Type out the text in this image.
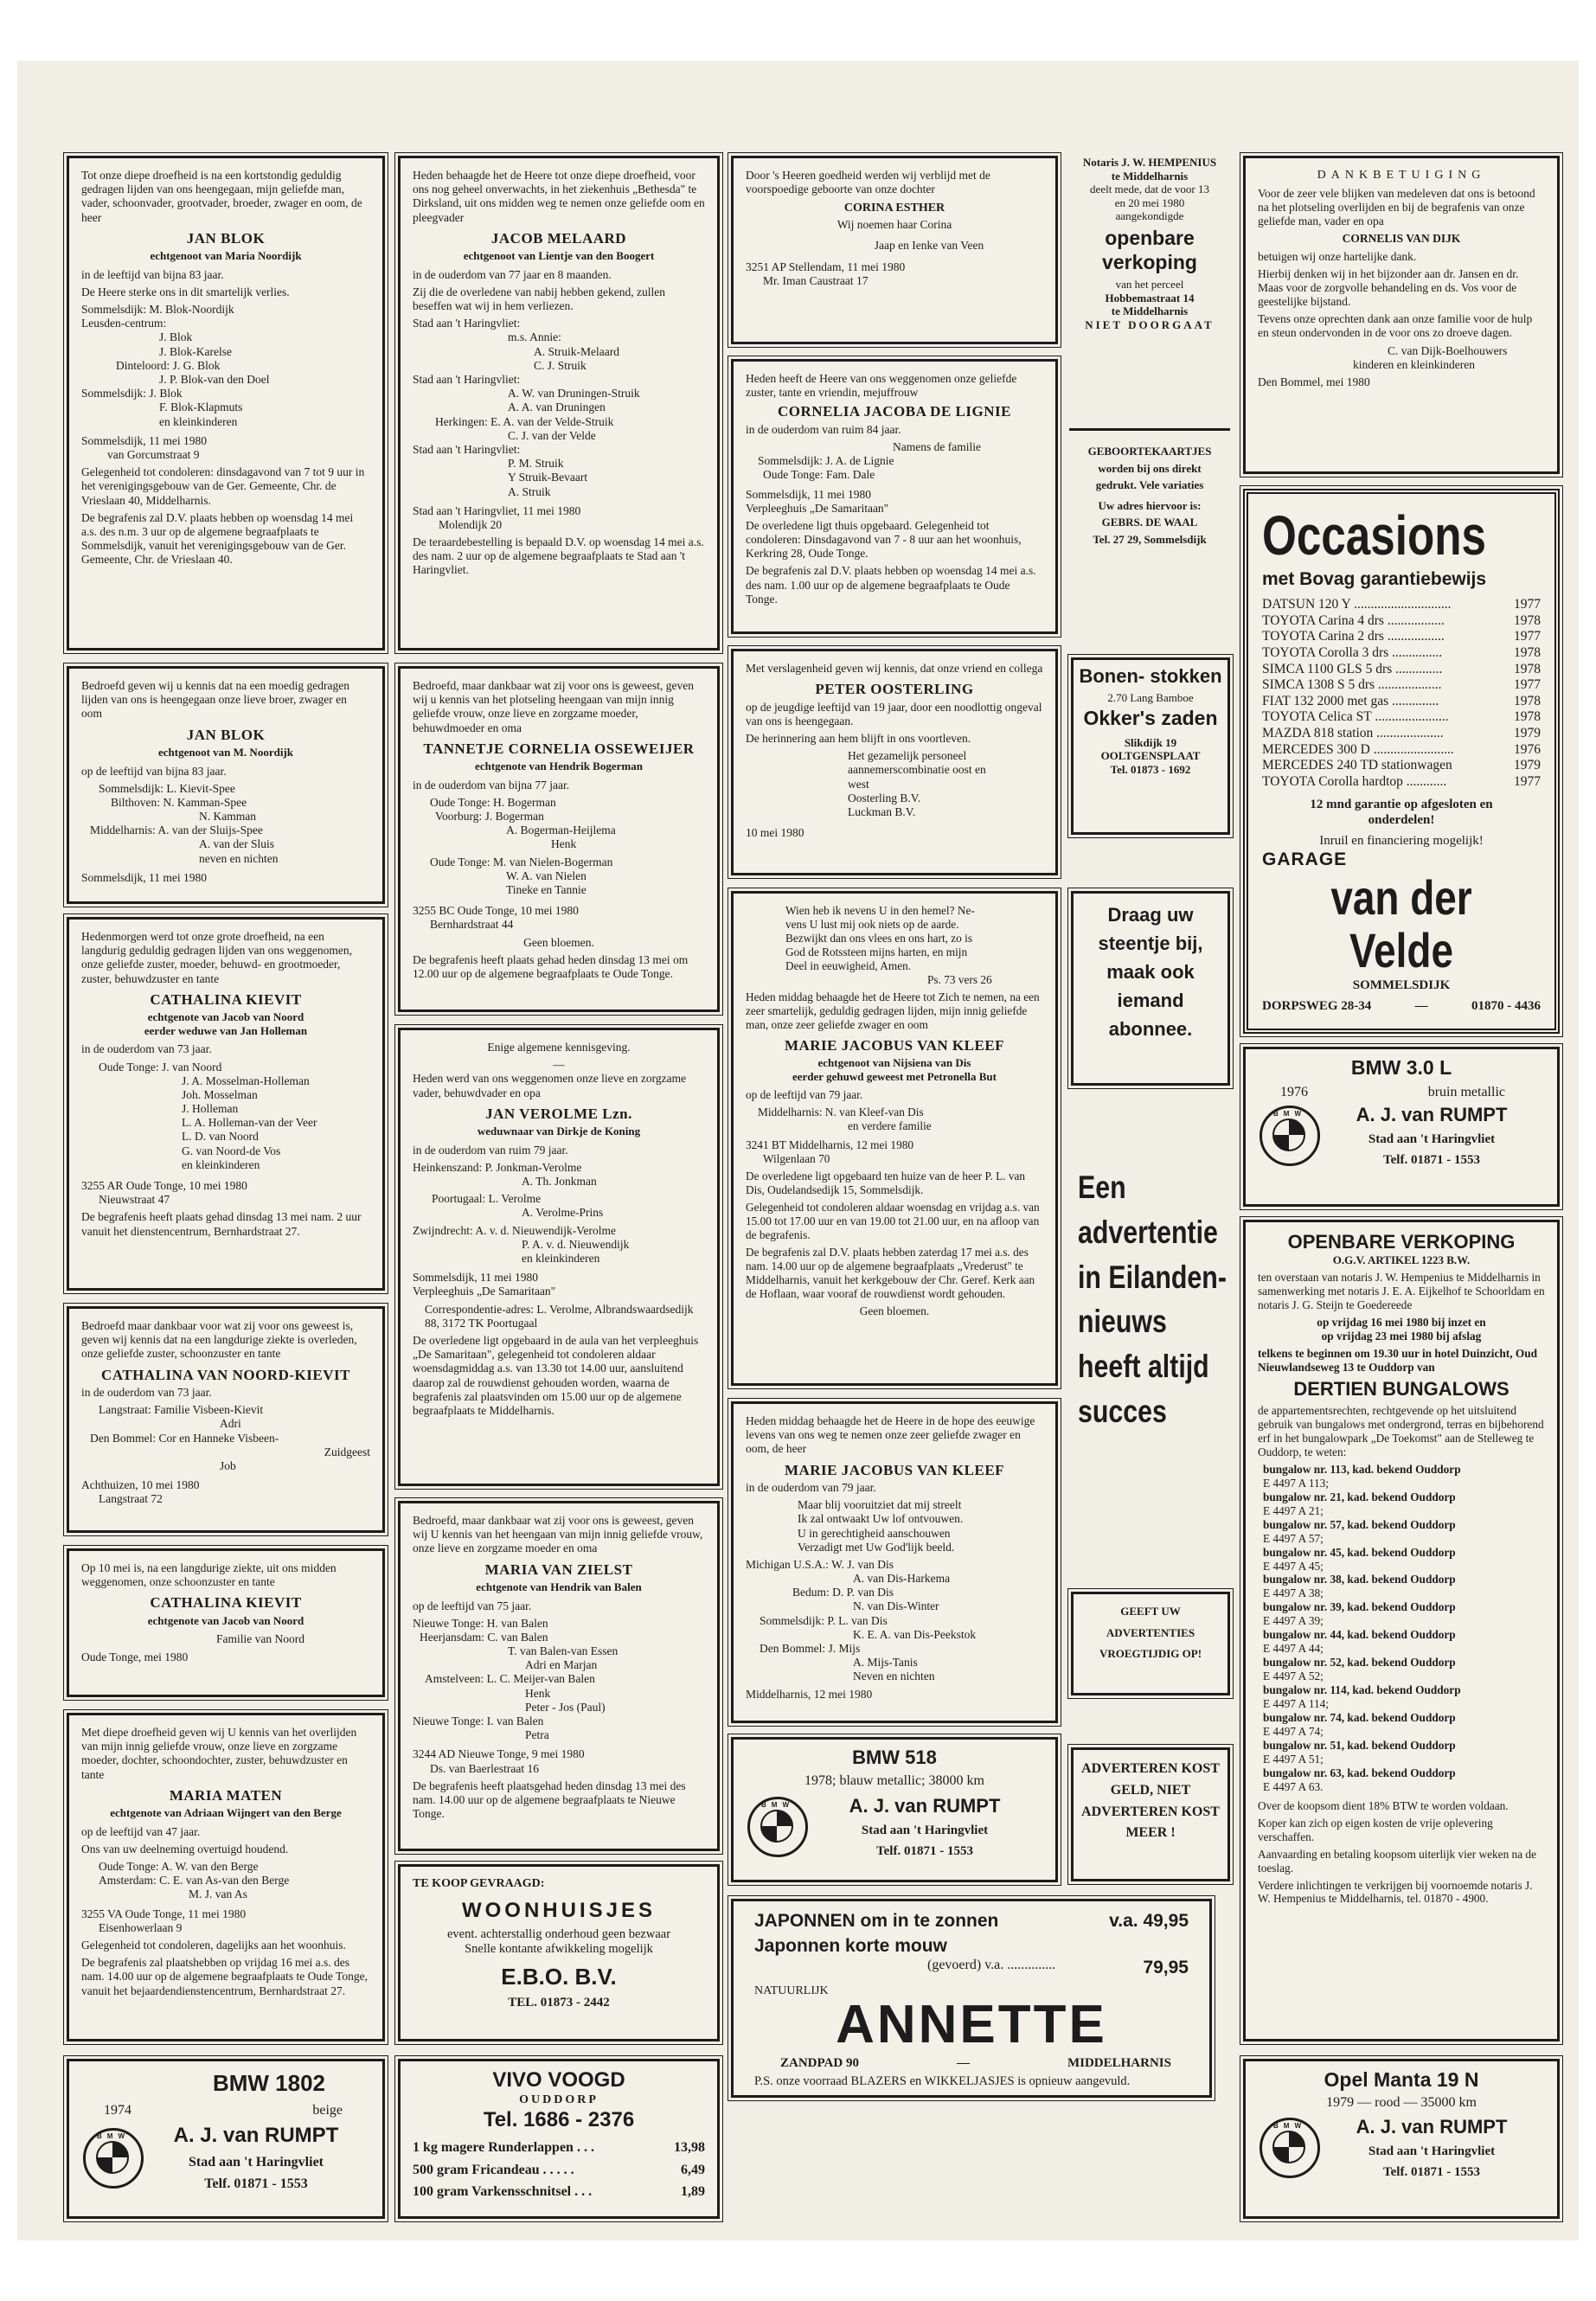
Tot onze diepe droefheid is na een kortstondig geduldig gedragen lijden van ons heengegaan, mijn geliefde man, vader, schoonvader, grootvader, broeder, zwager en oom, de heer

JAN BLOK
echtgenoot van Maria Noordijk

in de leeftijd van bijna 83 jaar.

De Heere sterke ons in dit smartelijk verlies.

Sommelsdijk: M. Blok-Noordijk

Leusden-centrum:

J. Blok

J. Blok-Karelse

Dinteloord: J. G. Blok

J. P. Blok-van den Doel

Sommelsdijk: J. Blok

F. Blok-Klapmuts

en kleinkinderen

Sommelsdijk, 11 mei 1980

van Gorcumstraat 9

Gelegenheid tot condoleren: dinsdagavond van 7 tot 9 uur in het verenigingsgebouw van de Ger. Gemeente, Chr. de Vrieslaan 40, Middelharnis.

De begrafenis zal D.V. plaats hebben op woensdag 14 mei a.s. des n.m. 3 uur op de algemene begraafplaats te Sommelsdijk, vanuit het verenigingsgebouw van de Ger. Gemeente, Chr. de Vrieslaan 40.

Bedroefd geven wij u kennis dat na een moedig gedragen lijden van ons is heengegaan onze lieve broer, zwager en oom

JAN BLOK
echtgenoot van M. Noordijk

op de leeftijd van bijna 83 jaar.

Sommelsdijk: L. Kievit-Spee

Bilthoven: N. Kamman-Spee

N. Kamman

Middelharnis: A. van der Sluijs-Spee

A. van der Sluis

neven en nichten

Sommelsdijk, 11 mei 1980

Hedenmorgen werd tot onze grote droefheid, na een langdurig geduldig gedragen lijden van ons weggenomen, onze geliefde zuster, moeder, behuwd- en grootmoeder, zuster, behuwdzuster en tante

CATHALINA KIEVIT
echtgenote van Jacob van Noord
eerder weduwe van Jan Holleman

in de ouderdom van 73 jaar.

Oude Tonge: J. van Noord

J. A. Mosselman-Holleman

Joh. Mosselman

J. Holleman

L. A. Holleman-van der Veer

L. D. van Noord

G. van Noord-de Vos

en kleinkinderen

3255 AR Oude Tonge, 10 mei 1980

Nieuwstraat 47

De begrafenis heeft plaats gehad dinsdag 13 mei nam. 2 uur vanuit het dienstencentrum, Bernhardstraat 27.

Bedroefd maar dankbaar voor wat zij voor ons geweest is, geven wij kennis dat na een langdurige ziekte is overleden, onze geliefde zuster, schoonzuster en tante

CATHALINA VAN NOORD-KIEVIT

in de ouderdom van 73 jaar.

Langstraat: Familie Visbeen-Kievit

Adri

Den Bommel: Cor en Hanneke Visbeen-

Zuidgeest

Job

Achthuizen, 10 mei 1980

Langstraat 72

Op 10 mei is, na een langdurige ziekte, uit ons midden weggenomen, onze schoonzuster en tante

CATHALINA KIEVIT
echtgenote van Jacob van Noord

Familie van Noord

Oude Tonge, mei 1980

Met diepe droefheid geven wij U kennis van het overlijden van mijn innig geliefde vrouw, onze lieve en zorgzame moeder, dochter, schoondochter, zuster, behuwdzuster en tante

MARIA MATEN
echtgenote van Adriaan Wijngert van den Berge

op de leeftijd van 47 jaar.

Ons van uw deelneming overtuigd houdend.

Oude Tonge: A. W. van den Berge

Amsterdam: C. E. van As-van den Berge

M. J. van As

3255 VA Oude Tonge, 11 mei 1980

Eisenhowerlaan 9

Gelegenheid tot condoleren, dagelijks aan het woonhuis.

De begrafenis zal plaatshebben op vrijdag 16 mei a.s. des nam. 14.00 uur op de algemene begraafplaats te Oude Tonge, vanuit het bejaardendienstencentrum, Bernhardstraat 27.

BMW 1802
1974	beige
BMW	A. J. van RUMPT
Stad aan 't Haringvliet
Telf. 01871 - 1553

Heden behaagde het de Heere tot onze diepe droefheid, voor ons nog geheel onverwachts, in het ziekenhuis „Bethesda" te Dirksland, uit ons midden weg te nemen onze geliefde oom en pleegvader

JACOB MELAARD
echtgenoot van Lientje van den Boogert

in de ouderdom van 77 jaar en 8 maanden.

Zij die de overledene van nabij hebben gekend, zullen beseffen wat wij in hem verliezen.

Stad aan 't Haringvliet:

m.s. Annie:

A. Struik-Melaard

C. J. Struik

Stad aan 't Haringvliet:

A. W. van Druningen-Struik

A. A. van Druningen

Herkingen: E. A. van der Velde-Struik

C. J. van der Velde

Stad aan 't Haringvliet:

P. M. Struik

Y Struik-Bevaart

A. Struik

Stad aan 't Haringvliet, 11 mei 1980

Molendijk 20

De teraardebestelling is bepaald D.V. op woensdag 14 mei a.s. des nam. 2 uur op de algemene begraafplaats te Stad aan 't Haringvliet.

Bedroefd, maar dankbaar wat zij voor ons is geweest, geven wij u kennis van het plotseling heengaan van mijn innig geliefde vrouw, onze lieve en zorgzame moeder, behuwdmoeder en oma

TANNETJE CORNELIA OSSEWEIJER
echtgenote van Hendrik Bogerman

in de ouderdom van bijna 77 jaar.

Oude Tonge: H. Bogerman

Voorburg: J. Bogerman

A. Bogerman-Heijlema

Henk

Oude Tonge: M. van Nielen-Bogerman

W. A. van Nielen

Tineke en Tannie

3255 BC Oude Tonge, 10 mei 1980

Bernhardstraat 44

Geen bloemen.

De begrafenis heeft plaats gehad heden dinsdag 13 mei om 12.00 uur op de algemene begraafplaats te Oude Tonge.

Enige algemene kennisgeving.

—

Heden werd van ons weggenomen onze lieve en zorgzame vader, behuwdvader en opa

JAN VEROLME Lzn.
weduwnaar van Dirkje de Koning

in de ouderdom van ruim 79 jaar.

Heinkenszand: P. Jonkman-Verolme

A. Th. Jonkman

Poortugaal: L. Verolme

A. Verolme-Prins

Zwijndrecht: A. v. d. Nieuwendijk-Verolme

P. A. v. d. Nieuwendijk

en kleinkinderen

Sommelsdijk, 11 mei 1980

Verpleeghuis „De Samaritaan"

Correspondentie-adres: L. Verolme, Albrandswaardsedijk 88, 3172 TK Poortugaal

De overledene ligt opgebaard in de aula van het verpleeghuis „De Samaritaan", gelegenheid tot condoleren aldaar woensdagmiddag a.s. van 13.30 tot 14.00 uur, aansluitend daarop zal de rouwdienst gehouden worden, waarna de begrafenis zal plaatsvinden om 15.00 uur op de algemene begraafplaats te Middelharnis.

Bedroefd, maar dankbaar wat zij voor ons is geweest, geven wij U kennis van het heengaan van mijn innig geliefde vrouw, onze lieve en zorgzame moeder en oma

MARIA VAN ZIELST
echtgenote van Hendrik van Balen

op de leeftijd van 75 jaar.

Nieuwe Tonge: H. van Balen

Heerjansdam: C. van Balen

T. van Balen-van Essen

Adri en Marjan

Amstelveen: L. C. Meijer-van Balen

Henk

Peter - Jos (Paul)

Nieuwe Tonge: I. van Balen

Petra

3244 AD Nieuwe Tonge, 9 mei 1980

Ds. van Baerlestraat 16

De begrafenis heeft plaatsgehad heden dinsdag 13 mei des nam. 14.00 uur op de algemene begraafplaats te Nieuwe Tonge.

TE KOOP GEVRAAGD:
WOONHUISJES
event. achterstallig onderhoud geen bezwaar
Snelle kontante afwikkeling mogelijk
E.B.O. B.V.
TEL. 01873 - 2442
VIVO VOOGD
OUDDORP
Tel. 1686 - 2376
1 kg magere Runderlappen . . .	13,98
500 gram Fricandeau . . . . .	6,49
100 gram Varkensschnitsel . . .	1,89

Door 's Heeren goedheid werden wij verblijd met de voorspoedige geboorte van onze dochter

CORINA ESTHER

Wij noemen haar Corina

Jaap en Ienke van Veen

3251 AP Stellendam, 11 mei 1980

Mr. Iman Caustraat 17

Heden heeft de Heere van ons weggenomen onze geliefde zuster, tante en vriendin, mejuffrouw

CORNELIA JACOBA DE LIGNIE

in de ouderdom van ruim 84 jaar.

Namens de familie

Sommelsdijk: J. A. de Lignie

Oude Tonge: Fam. Dale

Sommelsdijk, 11 mei 1980

Verpleeghuis „De Samaritaan"

De overledene ligt thuis opgebaard. Gelegenheid tot condoleren: Dinsdagavond van 7 - 8 uur aan het woonhuis, Kerkring 28, Oude Tonge.

De begrafenis zal D.V. plaats hebben op woensdag 14 mei a.s. des nam. 1.00 uur op de algemene begraafplaats te Oude Tonge.

Met verslagenheid geven wij kennis, dat onze vriend en collega

PETER OOSTERLING

op de jeugdige leeftijd van 19 jaar, door een noodlottig ongeval van ons is heengegaan.

De herinnering aan hem blijft in ons voortleven.

Het gezamelijk personeel

aannemerscombinatie oost en

west

Oosterling B.V.

Luckman B.V.

10 mei 1980

Wien heb ik nevens U in den hemel? Ne-

vens U lust mij ook niets op de aarde.

Bezwijkt dan ons vlees en ons hart, zo is

God de Rotssteen mijns harten, en mijn

Deel in eeuwigheid, Amen.

Ps. 73 vers 26

Heden middag behaagde het de Heere tot Zich te nemen, na een zeer smartelijk, geduldig gedragen lijden, mijn innig geliefde man, onze zeer geliefde zwager en oom

MARIE JACOBUS VAN KLEEF
echtgenoot van Nijsiena van Dis
eerder gehuwd geweest met Petronella But

op de leeftijd van 79 jaar.

Middelharnis: N. van Kleef-van Dis

en verdere familie

3241 BT Middelharnis, 12 mei 1980

Wilgenlaan 70

De overledene ligt opgebaard ten huize van de heer P. L. van Dis, Oudelandsedijk 15, Sommelsdijk.

Gelegenheid tot condoleren aldaar woensdag en vrijdag a.s. van 15.00 tot 17.00 uur en van 19.00 tot 21.00 uur, en na afloop van de begrafenis.

De begrafenis zal D.V. plaats hebben zaterdag 17 mei a.s. des nam. 14.00 uur op de algemene begraafplaats „Vrederust" te Middelharnis, vanuit het kerkgebouw der Chr. Geref. Kerk aan de Hoflaan, waar vooraf de rouwdienst wordt gehouden.

Geen bloemen.

Heden middag behaagde het de Heere in de hope des eeuwige levens van ons weg te nemen onze zeer geliefde zwager en oom, de heer

MARIE JACOBUS VAN KLEEF

in de ouderdom van 79 jaar.

Maar blij vooruitziet dat mij streelt

Ik zal ontwaakt Uw lof ontvouwen.

U in gerechtigheid aanschouwen

Verzadigt met Uw God'lijk beeld.

Michigan U.S.A.: W. J. van Dis

A. van Dis-Harkema

Bedum: D. P. van Dis

N. van Dis-Winter

Sommelsdijk: P. L. van Dis

K. E. A. van Dis-Peekstok

Den Bommel: J. Mijs

A. Mijs-Tanis

Neven en nichten

Middelharnis, 12 mei 1980

BMW 518
1978; blauw metallic; 38000 km
BMW	A. J. van RUMPT
Stad aan 't Haringvliet
Telf. 01871 - 1553
JAPONNEN om in te zonnen	v.a. 49,95
Japonnen korte mouw
(gevoerd) v.a. ..............	79,95
NATUURLIJK
ANNETTE
ZANDPAD 90	—	MIDDELHARNIS
P.S. onze voorraad BLAZERS en WIKKELJASJES is opnieuw aangevuld.
Notaris J. W. HEMPENIUS
te Middelharnis
deelt mede, dat de voor 13
en 20 mei 1980
aangekondigde
openbare verkoping
van het perceel
Hobbemastraat 14
te Middelharnis
NIET DOORGAAT
GEBOORTEKAARTJES
worden bij ons direkt
gedrukt. Vele variaties
Uw adres hiervoor is:
GEBRS. DE WAAL
Tel. 27 29, Sommelsdijk
Bonen- stokken
2.70 Lang Bamboe
Okker's zaden
Slikdijk 19
OOLTGENSPLAAT
Tel. 01873 - 1692
Draag uw steentje bij, maak ook iemand abonnee.
Een advertentie in Eilanden- nieuws heeft altijd succes
GEEFT UW ADVERTENTIES VROEGTIJDIG OP!
ADVERTEREN KOST GELD, NIET ADVERTEREN KOST MEER !
DANKBETUIGING

Voor de zeer vele blijken van medeleven dat ons is betoond na het plotseling overlijden en bij de begrafenis van onze geliefde man, vader en opa

CORNELIS VAN DIJK

betuigen wij onze hartelijke dank.

Hierbij denken wij in het bijzonder aan dr. Jansen en dr. Maas voor de zorgvolle behandeling en ds. Vos voor de geestelijke bijstand.

Tevens onze oprechten dank aan onze familie voor de hulp en steun ondervonden in de voor ons zo droeve dagen.

C. van Dijk-Boelhouwers

kinderen en kleinkinderen

Den Bommel, mei 1980

Occasions
met Bovag garantiebewijs
DATSUN 120 Y .............................	1977
TOYOTA Carina 4 drs .................	1978
TOYOTA Carina 2 drs .................	1977
TOYOTA Corolla 3 drs ...............	1978
SIMCA 1100 GLS 5 drs ..............	1978
SIMCA 1308 S 5 drs ...................	1977
FIAT 132 2000 met gas ..............	1978
TOYOTA Celica ST ......................	1978
MAZDA 818 station ....................	1979
MERCEDES 300 D ........................	1976
MERCEDES 240 TD stationwagen	1979
TOYOTA Corolla hardtop ............	1977
12 mnd garantie op afgesloten en onderdelen!
Inruil en financiering mogelijk!
GARAGE
van der Velde
SOMMELSDIJK
DORPSWEG 28-34	—	01870 - 4436
BMW 3.0 L
1976	bruin metallic
BMW	A. J. van RUMPT
Stad aan 't Haringvliet
Telf. 01871 - 1553
OPENBARE VERKOPING
O.G.V. ARTIKEL 1223 B.W.

ten overstaan van notaris J. W. Hempenius te Middelharnis in samenwerking met notaris J. E. A. Eijkelhof te Schoorldam en notaris J. G. Steijn te Goedereede

op vrijdag 16 mei 1980 bij inzet en

op vrijdag 23 mei 1980 bij afslag

telkens te beginnen om 19.30 uur in hotel Duinzicht, Oud Nieuwlandseweg 13 te Ouddorp van

DERTIEN BUNGALOWS

de appartementsrechten, rechtgevende op het uitsluitend gebruik van bungalows met ondergrond, terras en bijbehorend erf in het bungalowpark „De Toekomst" aan de Stelleweg te Ouddorp, te weten:

bungalow nr. 113, kad. bekend Ouddorp

E 4497 A 113;

bungalow nr. 21, kad. bekend Ouddorp

E 4497 A 21;

bungalow nr. 57, kad. bekend Ouddorp

E 4497 A 57;

bungalow nr. 45, kad. bekend Ouddorp

E 4497 A 45;

bungalow nr. 38, kad. bekend Ouddorp

E 4497 A 38;

bungalow nr. 39, kad. bekend Ouddorp

E 4497 A 39;

bungalow nr. 44, kad. bekend Ouddorp

E 4497 A 44;

bungalow nr. 52, kad. bekend Ouddorp

E 4497 A 52;

bungalow nr. 114, kad. bekend Ouddorp

E 4497 A 114;

bungalow nr. 74, kad. bekend Ouddorp

E 4497 A 74;

bungalow nr. 51, kad. bekend Ouddorp

E 4497 A 51;

bungalow nr. 63, kad. bekend Ouddorp

E 4497 A 63.

Over de koopsom dient 18% BTW te worden voldaan.

Koper kan zich op eigen kosten de vrije oplevering verschaffen.

Aanvaarding en betaling koopsom uiterlijk vier weken na de toeslag.

Verdere inlichtingen te verkrijgen bij voornoemde notaris J. W. Hempenius te Middelharnis, tel. 01870 - 4900.

Opel Manta 19 N
1979 — rood — 35000 km
BMW	A. J. van RUMPT
Stad aan 't Haringvliet
Telf. 01871 - 1553
